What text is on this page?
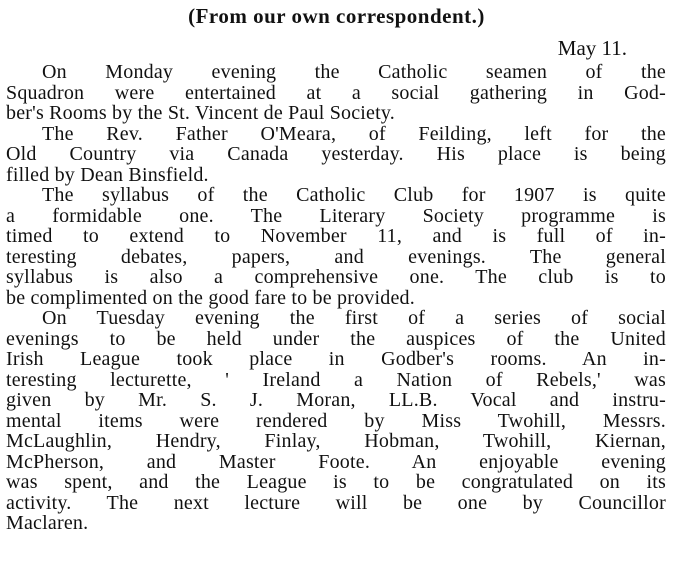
(From our own correspondent.)
May 11.
On Monday evening the Catholic seamen of the
Squadron were entertained at a social gathering in God-
ber's Rooms by the St. Vincent de Paul Society.
The Rev. Father O'Meara, of Feilding, left for the
Old Country via Canada yesterday. His place is being
filled by Dean Binsfield.
The syllabus of the Catholic Club for 1907 is quite
a formidable one. The Literary Society programme is
timed to extend to November 11, and is full of in-
teresting debates, papers, and evenings. The general
syllabus is also a comprehensive one. The club is to
be complimented on the good fare to be provided.
On Tuesday evening the first of a series of social
evenings to be held under the auspices of the United
Irish League took place in Godber's rooms. An in-
teresting lecturette, ' Ireland a Nation of Rebels,' was
given by Mr. S. J. Moran, LL.B. Vocal and instru-
mental items were rendered by Miss Twohill, Messrs.
McLaughlin, Hendry, Finlay, Hobman, Twohill, Kiernan,
McPherson, and Master Foote. An enjoyable evening
was spent, and the League is to be congratulated on its
activity. The next lecture will be one by Councillor
Maclaren.
